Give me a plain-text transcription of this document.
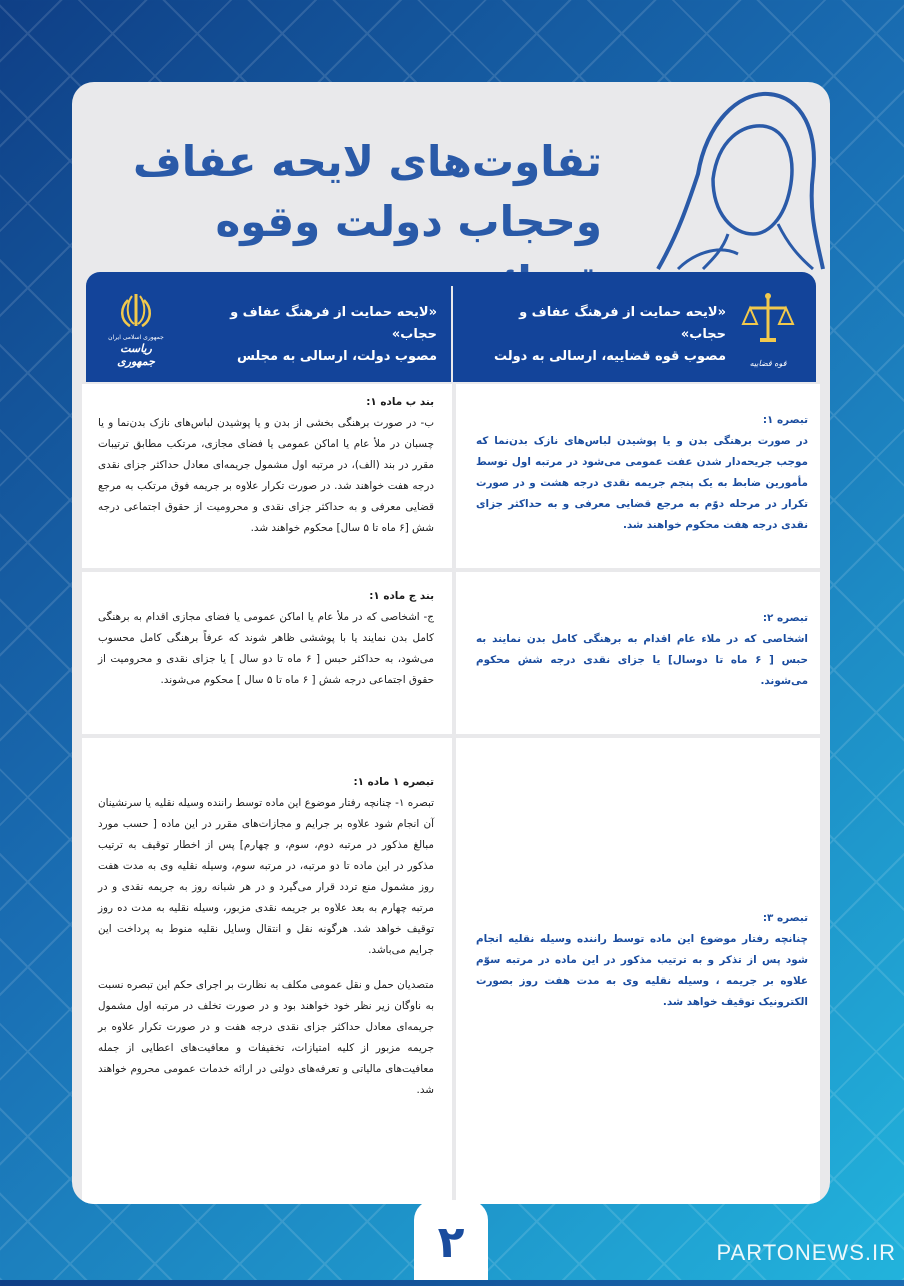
تفاوت‌های لایحه عفاف
وحجاب دولت وقوه
«لایحه حمایت از فرهنگ عفاف و حجاب»
مصوب قوه قضاییه، ارسالی به دولت	قوه قضاییه
«لایحه حمایت از فرهنگ عفاف و حجاب»
مصوب دولت، ارسالی به مجلس
جمهوری اسلامی ایران
ریاست جمهوری
تبصره ۱:

در صورت برهنگی بدن و یا پوشیدن لباس‌های نازک بدن‌نما که موجب جریحه‌دار شدن عفت عمومی می‌شود در مرتبه اول توسط مأمورین ضابط به یک پنجم جریمه نقدی درجه هشت و در صورت تکرار در مرحله دوّم به مرجع قضایی معرفی و به حداکثر جزای نقدی درجه هفت محکوم خواهند شد.

بند ب ماده ۱:

ب- در صورت برهنگی بخشی از بدن و یا پوشیدن لباس‌های نازک بدن‌نما و یا چسبان در ملأ عام یا اماکن عمومی یا فضای مجازی، مرتکب مطابق ترتیبات مقرر در بند (الف)، در مرتبه اول مشمول جریمه‌ای معادل حداکثر جزای نقدی درجه هفت خواهند شد. در صورت تکرار علاوه بر جریمه فوق مرتکب به مرجع قضایی معرفی و به حداکثر جزای نقدی و محرومیت از حقوق اجتماعی درجه شش [۶ ماه تا ۵ سال] محکوم خواهند شد.

تبصره ۲:

اشخاصی که در ملاء عام اقدام به برهنگی کامل بدن نمایند به حبس [ ۶ ماه تا دوسال] یا جزای نقدی درجه شش محکوم می‌شوند.

بند ج ماده ۱:

ج- اشخاصی که در ملأ عام یا اماکن عمومی یا فضای مجازی اقدام به برهنگی کامل بدن نمایند یا با پوششی ظاهر شوند که عرفاً برهنگی کامل محسوب می‌شود، به حداکثر حبس [ ۶ ماه تا دو سال ] یا جزای نقدی و محرومیت از حقوق اجتماعی درجه شش [ ۶ ماه تا ۵ سال ] محکوم می‌شوند.

تبصره ۳:

چنانچه رفتار موضوع این ماده توسط راننده وسیله نقلیه انجام شود پس از تذکر و به ترتیب مذکور در این ماده در مرتبه سوّم علاوه بر جریمه ، وسیله نقلیه وی به مدت هفت روز بصورت الکترونیک توقیف خواهد شد.

تبصره ۱ ماده ۱:

تبصره ۱- چنانچه رفتار موضوع این ماده توسط راننده وسیله نقلیه یا سرنشینان آن انجام شود علاوه بر جرایم و مجازات‌های مقرر در این ماده [ حسب مورد مبالغ مذکور در مرتبه دوم، سوم، و چهارم] پس از اخطار توقیف به ترتیب مذکور در این ماده تا دو مرتبه، در مرتبه سوم، وسیله نقلیه وی به مدت هفت روز مشمول منع تردد قرار می‌گیرد و در هر شبانه روز به جریمه نقدی و در مرتبه چهارم به بعد علاوه بر جریمه نقدی مزبور، وسیله نقلیه به مدت ده روز توقیف خواهد شد. هرگونه نقل و انتقال وسایل نقلیه منوط به پرداخت این جرایم می‌باشد.

متصدیان حمل و نقل عمومی مکلف به نظارت بر اجرای حکم این تبصره نسبت به ناوگان زیر نظر خود خواهند بود و در صورت تخلف در مرتبه اول مشمول جریمه‌ای معادل حداکثر جزای نقدی درجه هفت و در صورت تکرار علاوه بر جریمه مزبور از کلیه امتیازات، تخفیفات و معافیت‌های اعطایی از جمله معافیت‌های مالیاتی و تعرفه‌های دولتی در ارائه خدمات عمومی محروم خواهند شد.

۲	PARTONEWS.IR
